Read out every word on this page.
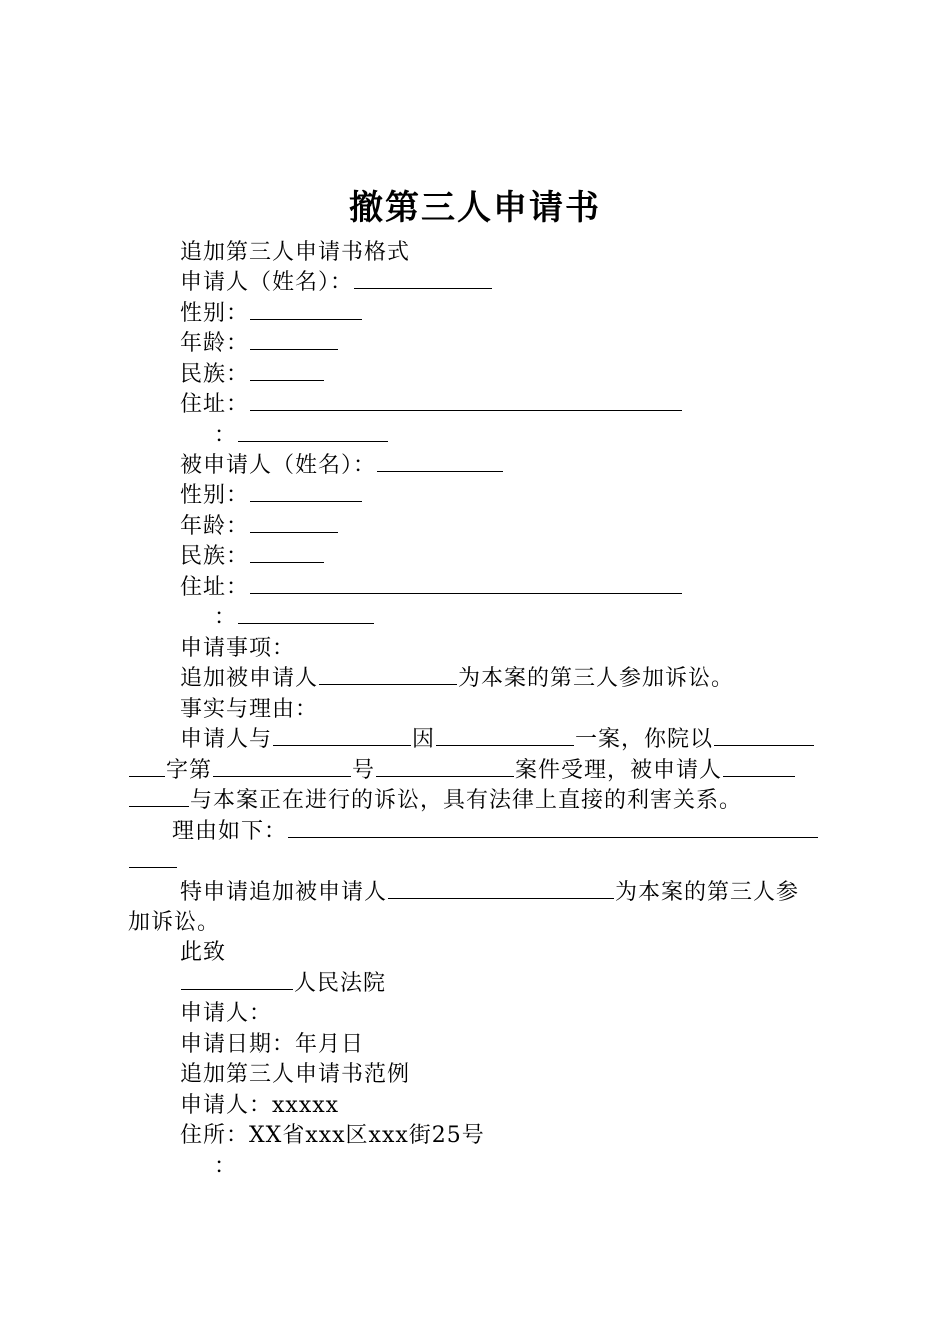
撤第三人申请书
追加第三人申请书格式
申请人（姓名）：
性别：
年龄：
民族：
住址：
：
被申请人（姓名）：
性别：
年龄：
民族：
住址：
：
申请事项：
追加被申请人	为本案的第三人参加诉讼。
事实与理由：
申请人与	因	一案，你院以
字第	号	案件受理，被申请人
与本案正在进行的诉讼，具有法律上直接的利害关系。
理由如下：
特申请追加被申请人	为本案的第三人参
加诉讼。
此致
人民法院
申请人：
申请日期：年月日
追加第三人申请书范例
申请人：xxxxx
住所：XX省xxx区xxx街25号
：
